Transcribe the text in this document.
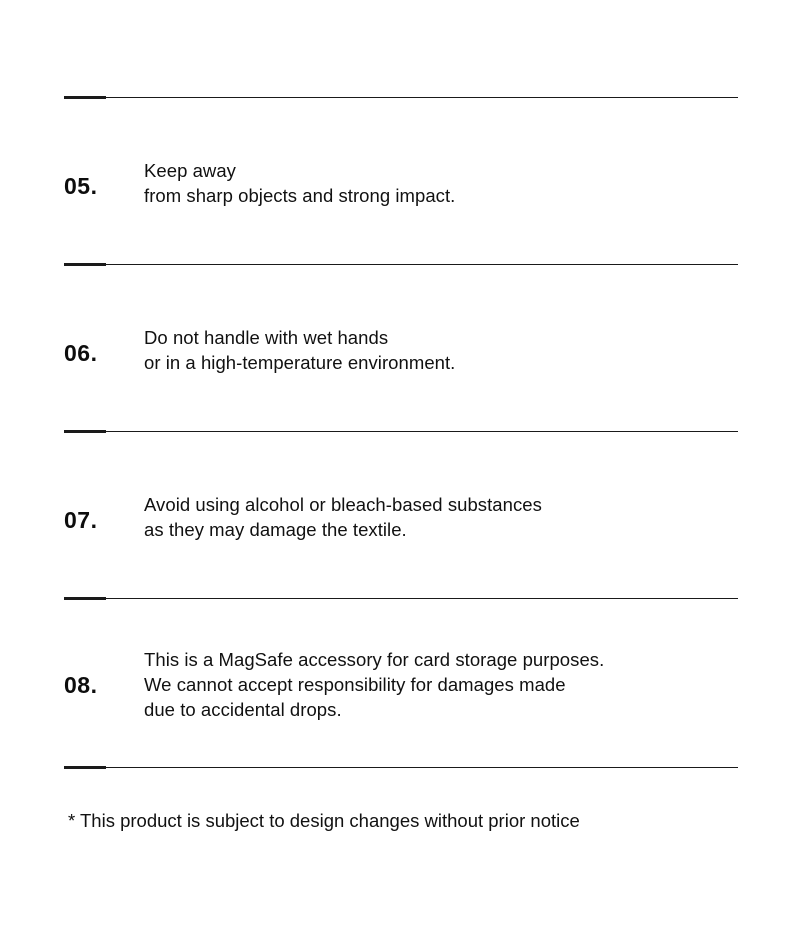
05.
Keep away
from sharp objects and strong impact.
06.
Do not handle with wet hands
or in a high-temperature environment.
07.
Avoid using alcohol or bleach-based substances
as they may damage the textile.
08.
This is a MagSafe accessory for card storage purposes.
We cannot accept responsibility for damages made
due to accidental drops.
* This product is subject to design changes without prior notice
